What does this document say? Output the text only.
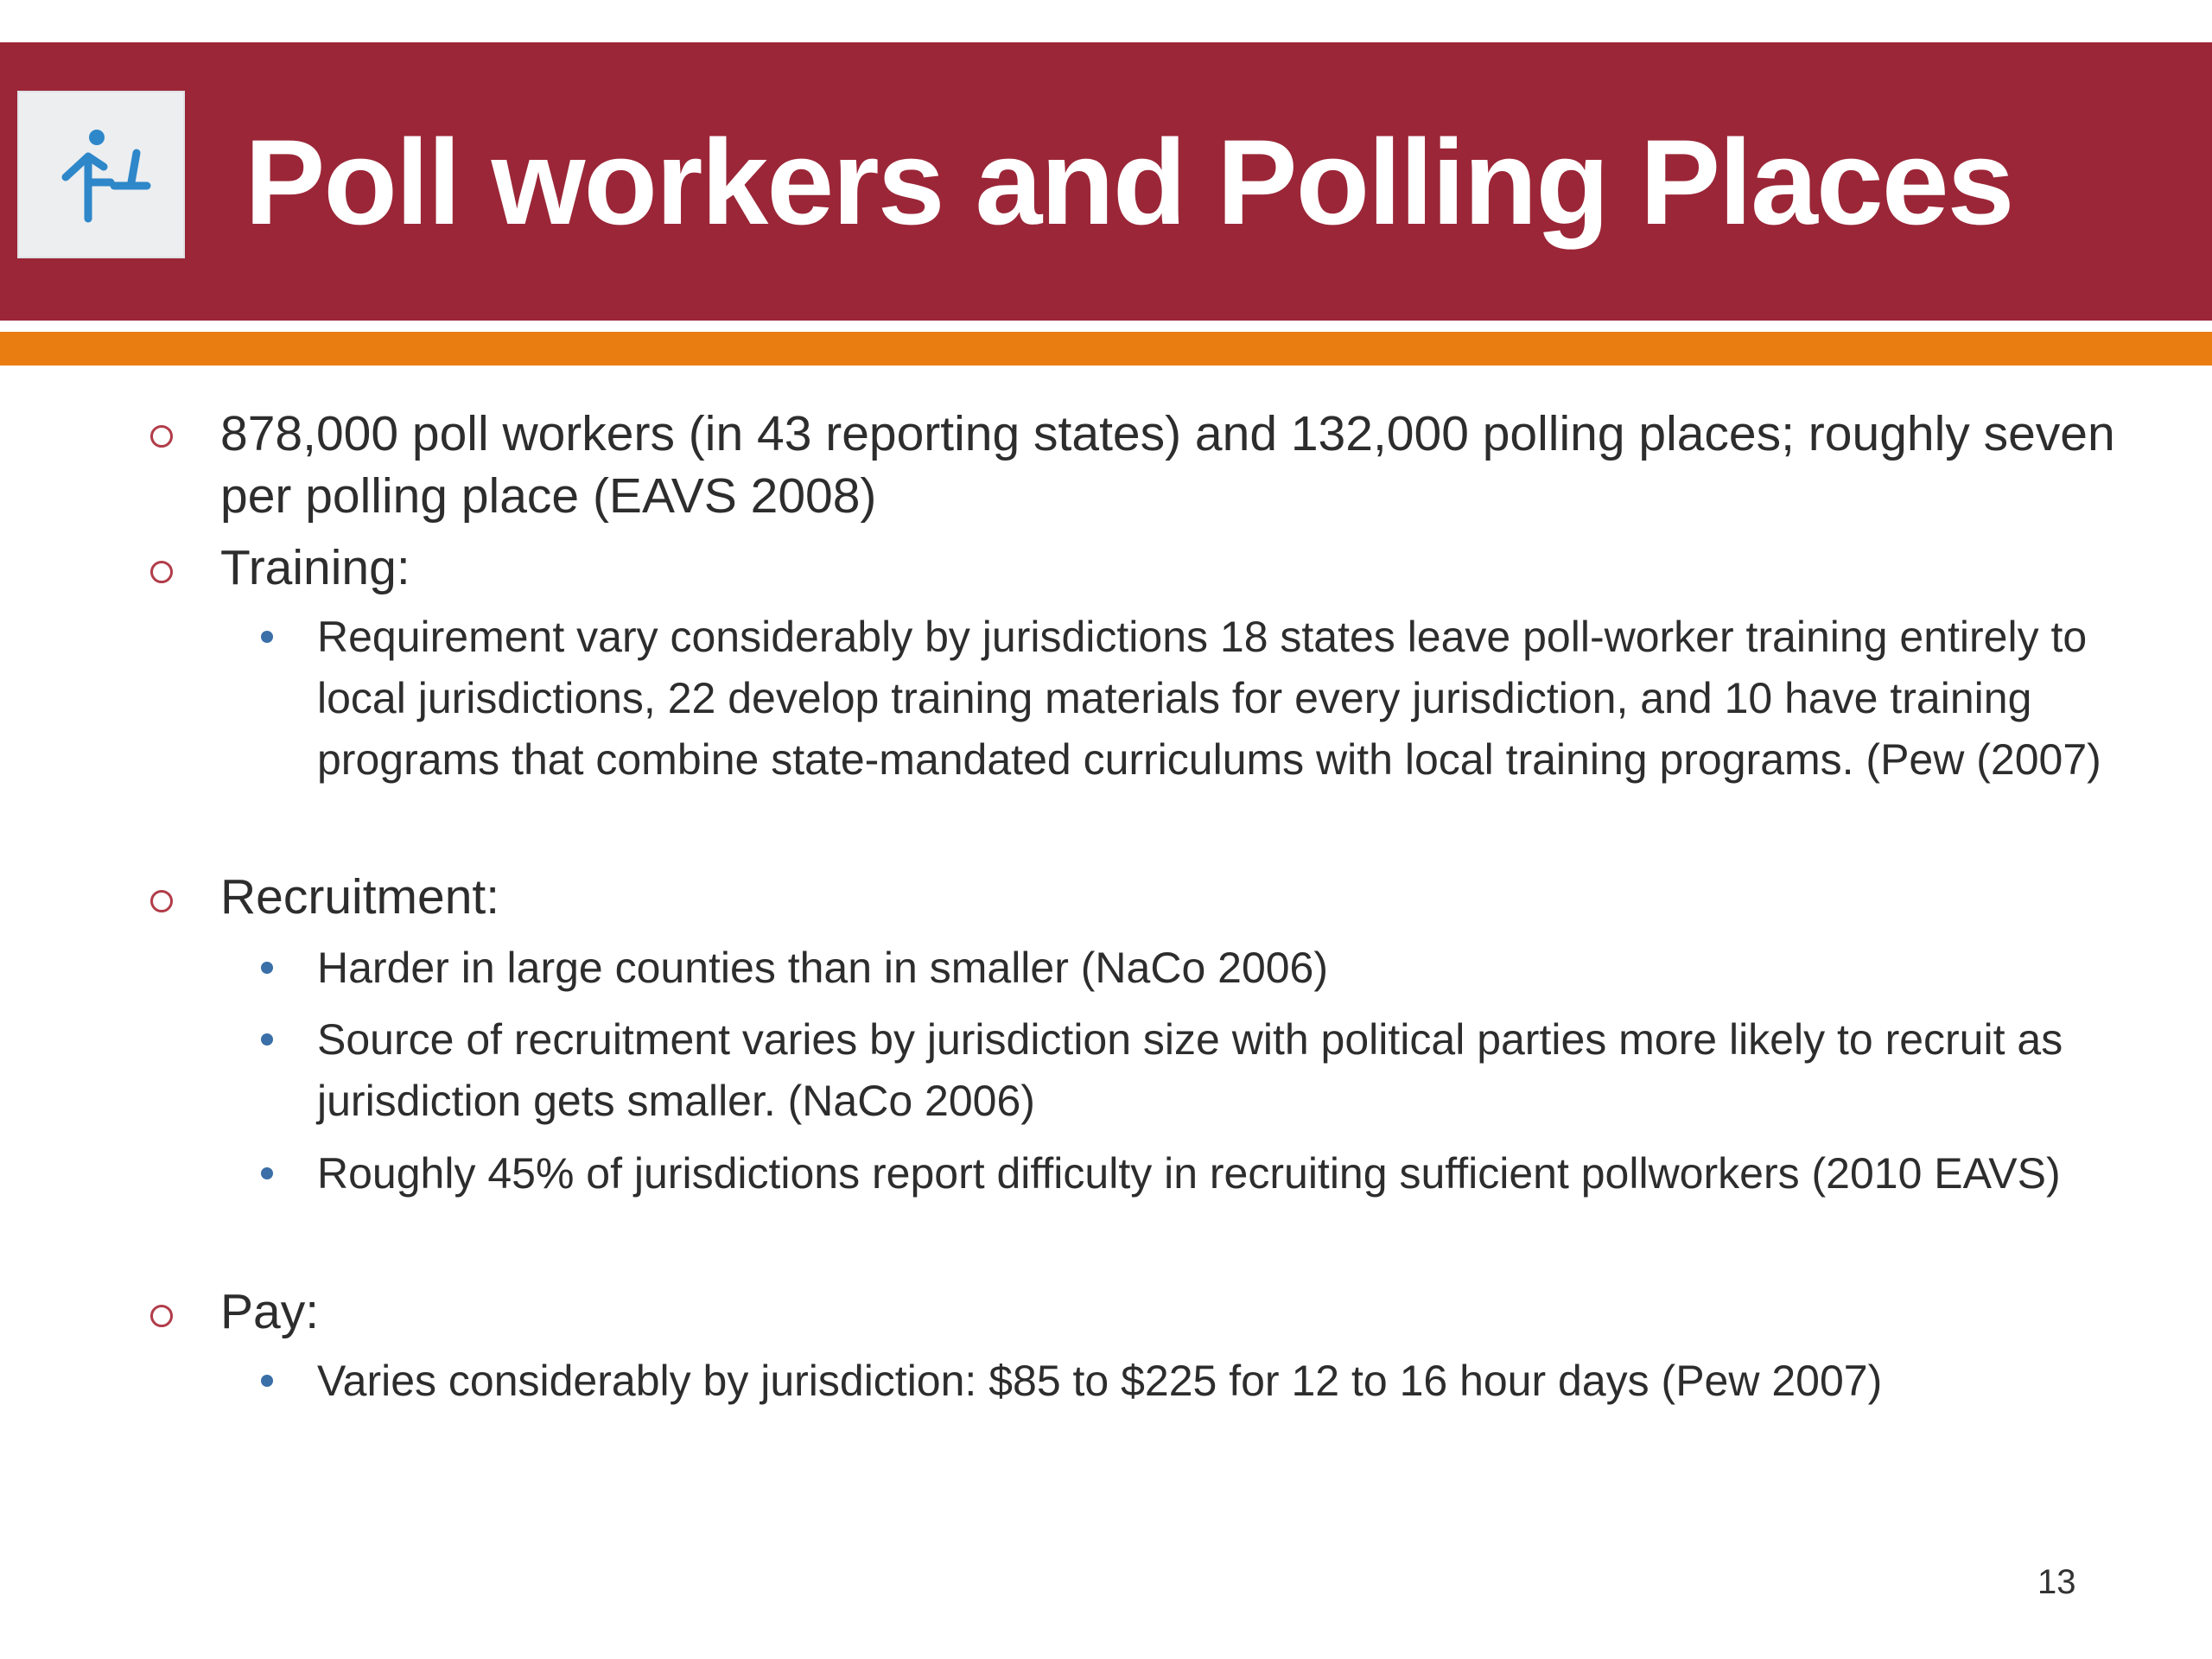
Poll workers and Polling Places
878,000 poll workers (in 43 reporting states) and 132,000 polling places; roughly seven per polling place (EAVS 2008)
Training:
Requirement vary considerably by jurisdictions 18 states leave poll-worker training entirely to local jurisdictions, 22 develop training materials for every jurisdiction, and 10 have training programs that combine state-mandated curriculums with local training programs. (Pew (2007)
Recruitment:
Harder in large counties than in smaller (NaCo 2006)
Source of recruitment varies by jurisdiction size with political parties more likely to recruit as jurisdiction gets smaller. (NaCo 2006)
Roughly 45% of jurisdictions report difficulty in recruiting sufficient pollworkers (2010 EAVS)
Pay:
Varies considerably by jurisdiction: $85 to $225 for 12 to 16 hour days (Pew 2007)
13
